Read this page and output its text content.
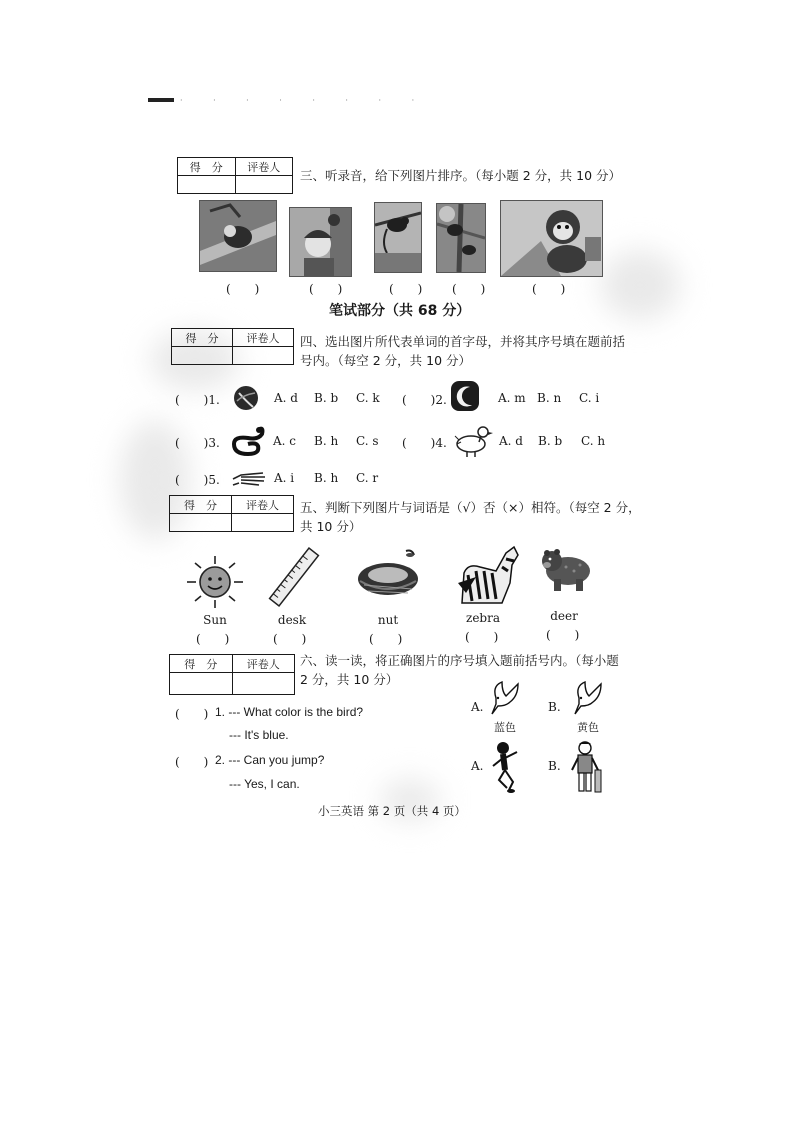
· · · · · · · ·
得　分	评卷人

三、听录音，给下列图片排序。（每小题 2 分，共 10 分）
(　　)	(　　)	(　　) (　　)	(　　)
笔试部分（共 68 分）
得　分	评卷人
	四、选出图片所代表单词的首字母，并将其序号填在题前括
号内。（每空 2 分，共 10 分）
(　　)1.	A. d B. b C. k (　　)2.	A. m B. n C. i
(　　)3.	A. c B. h C. s (　　)4.	A. d B. b C. h
(　　)5.	A. i B. h C. r
得　分	评卷人
	五、判断下列图片与词语是（√）否（×）相符。（每空 2 分，
共 10 分）
Sun	desk	nut	zebra	deer
(　　)	(　　)	(　　)	(　　)	(　　)
得　分	评卷人
	六、读一读，将正确图片的序号填入题前括号内。（每小题
2 分，共 10 分）
(　　) 1. --- What color is the bird?
--- It's blue.
(　　) 2. --- Can you jump?
--- Yes, I can.
A.
蓝色
B.
黄色
A.	B.
小三英语 第 2 页（共 4 页）
